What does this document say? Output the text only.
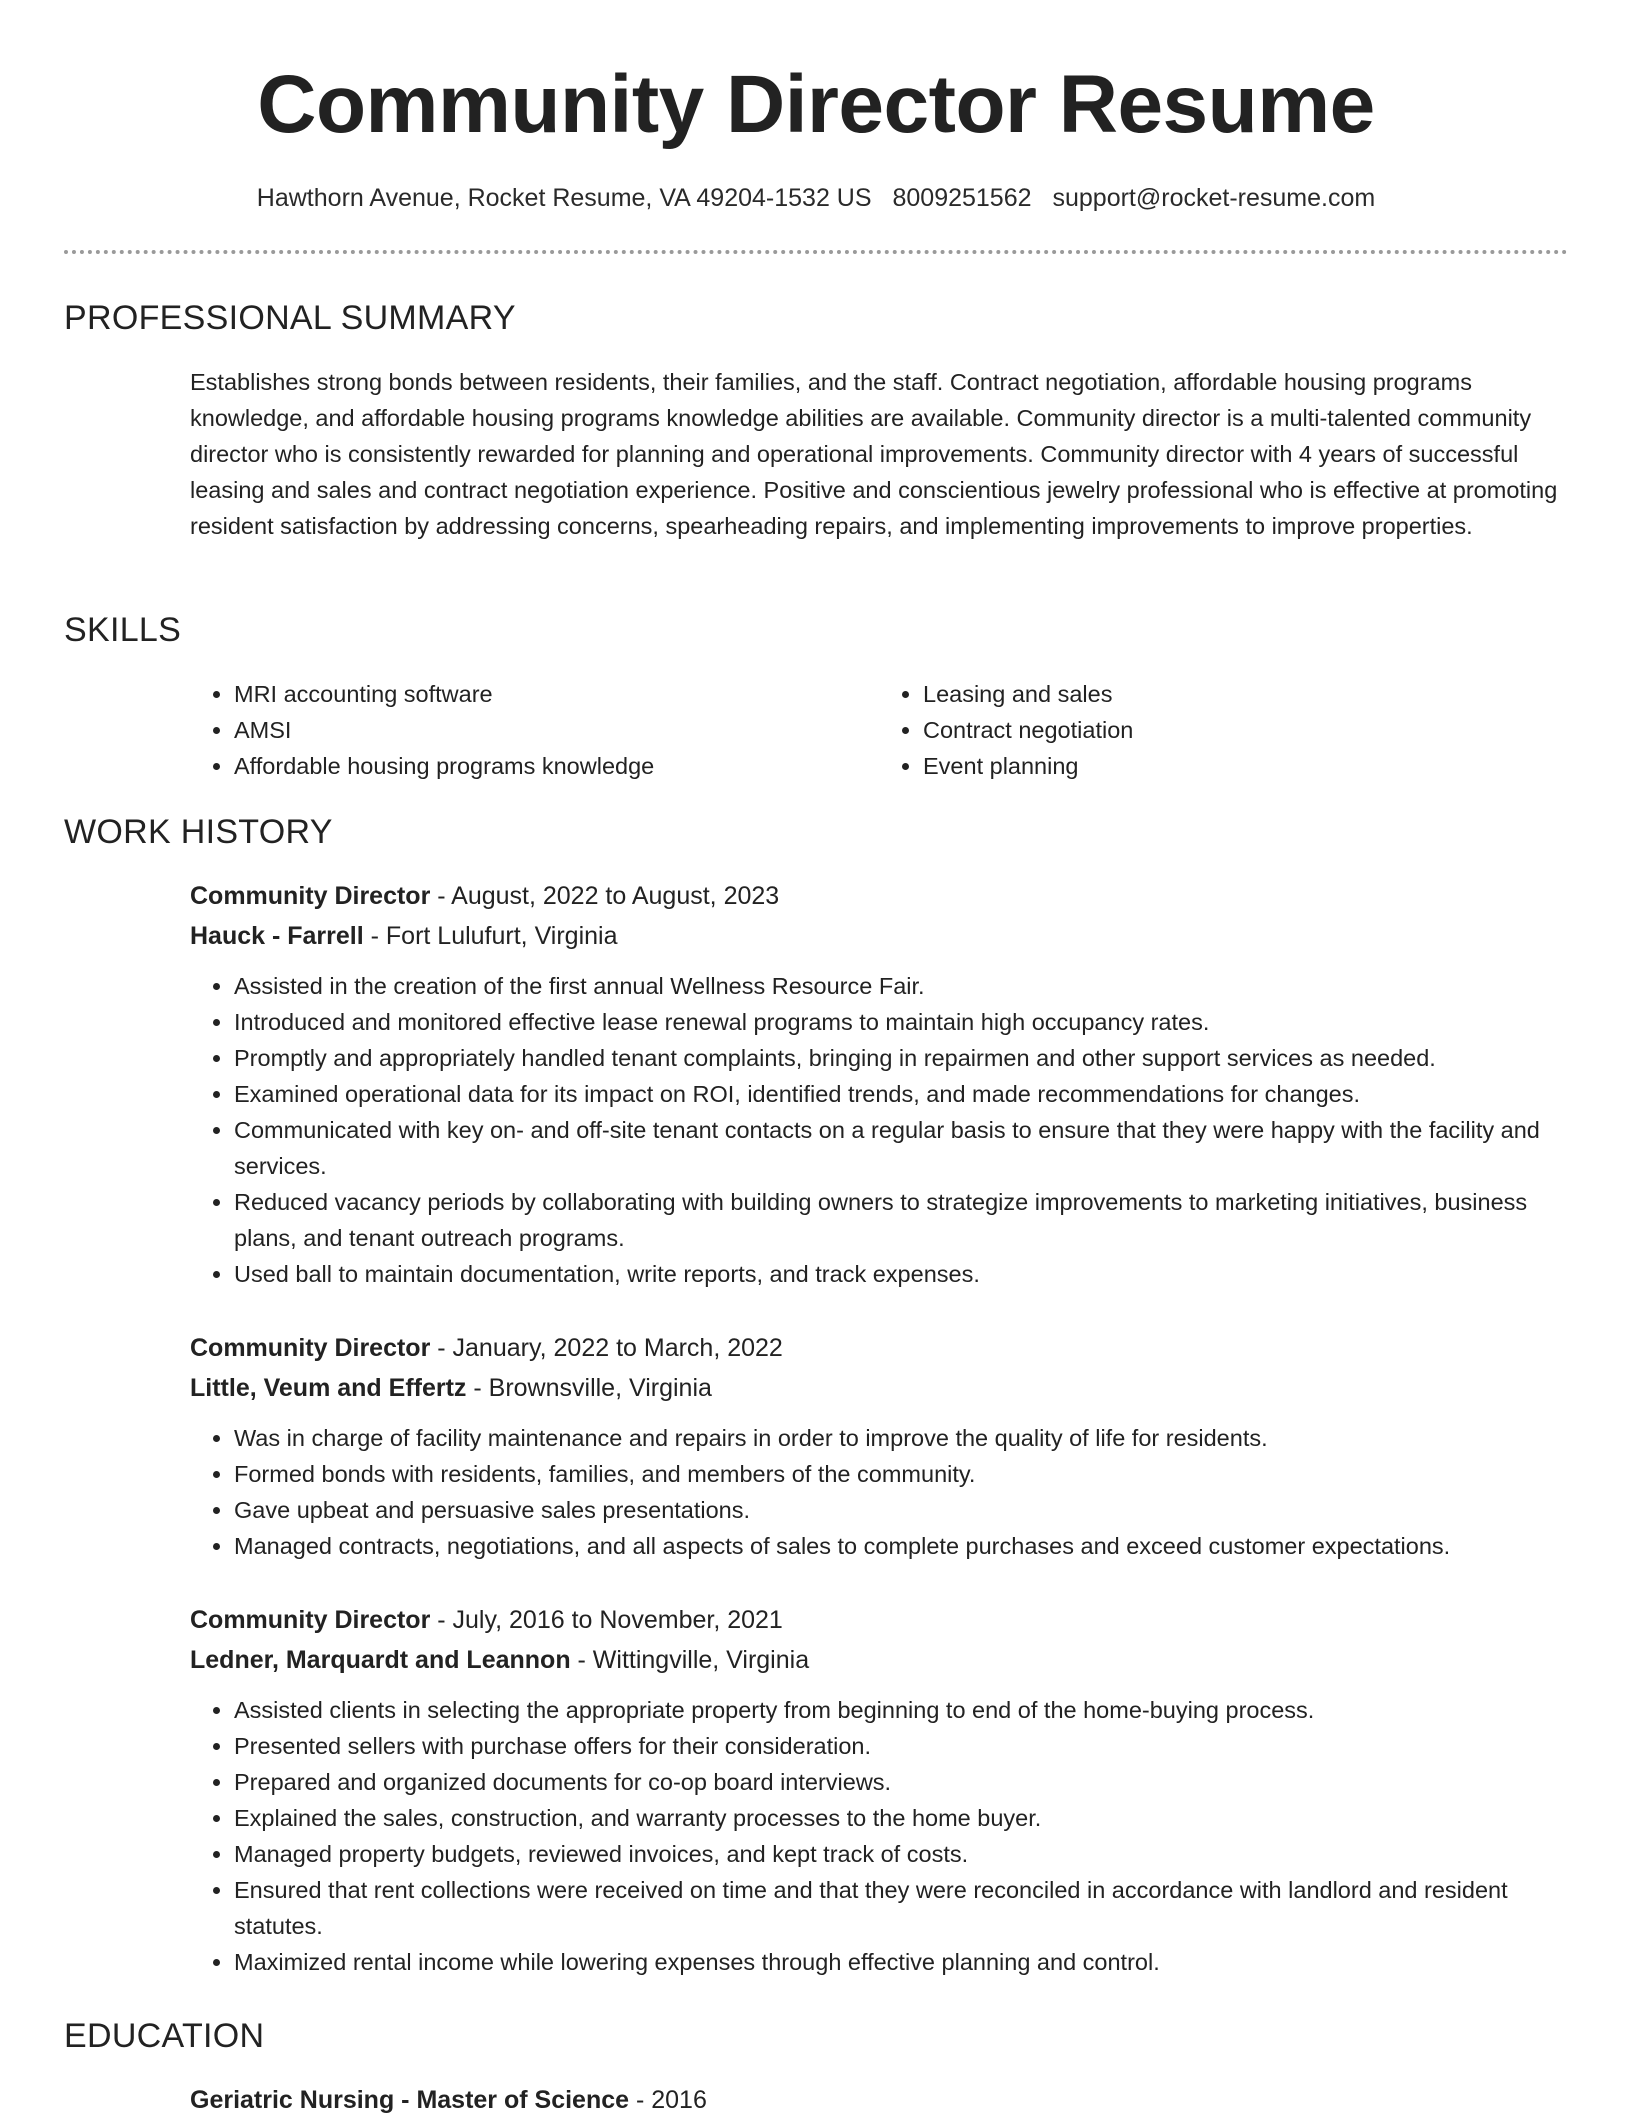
Community Director Resume
Hawthorn Avenue, Rocket Resume, VA 49204-1532 US 8009251562 support@rocket-resume.com
PROFESSIONAL SUMMARY

Establishes strong bonds between residents, their families, and the staff. Contract negotiation, affordable housing programs knowledge, and affordable housing programs knowledge abilities are available. Community director is a multi-talented community director who is consistently rewarded for planning and operational improvements. Community director with 4 years of successful leasing and sales and contract negotiation experience. Positive and conscientious jewelry professional who is effective at promoting resident satisfaction by addressing concerns, spearheading repairs, and implementing improvements to improve properties.

SKILLS
• MRI accounting software
• AMSI
• Affordable housing programs knowledge
• Leasing and sales
• Contract negotiation
• Event planning
WORK HISTORY
Community Director - August, 2022 to August, 2023
Hauck - Farrell - Fort Lulufurt, Virginia
• Assisted in the creation of the first annual Wellness Resource Fair.
• Introduced and monitored effective lease renewal programs to maintain high occupancy rates.
• Promptly and appropriately handled tenant complaints, bringing in repairmen and other support services as needed.
• Examined operational data for its impact on ROI, identified trends, and made recommendations for changes.
• Communicated with key on- and off-site tenant contacts on a regular basis to ensure that they were happy with the facility and services.
• Reduced vacancy periods by collaborating with building owners to strategize improvements to marketing initiatives, business plans, and tenant outreach programs.
• Used ball to maintain documentation, write reports, and track expenses.
Community Director - January, 2022 to March, 2022
Little, Veum and Effertz - Brownsville, Virginia
• Was in charge of facility maintenance and repairs in order to improve the quality of life for residents.
• Formed bonds with residents, families, and members of the community.
• Gave upbeat and persuasive sales presentations.
• Managed contracts, negotiations, and all aspects of sales to complete purchases and exceed customer expectations.
Community Director - July, 2016 to November, 2021
Ledner, Marquardt and Leannon - Wittingville, Virginia
• Assisted clients in selecting the appropriate property from beginning to end of the home-buying process.
• Presented sellers with purchase offers for their consideration.
• Prepared and organized documents for co-op board interviews.
• Explained the sales, construction, and warranty processes to the home buyer.
• Managed property budgets, reviewed invoices, and kept track of costs.
• Ensured that rent collections were received on time and that they were reconciled in accordance with landlord and resident statutes.
• Maximized rental income while lowering expenses through effective planning and control.
EDUCATION
Geriatric Nursing - Master of Science - 2016
